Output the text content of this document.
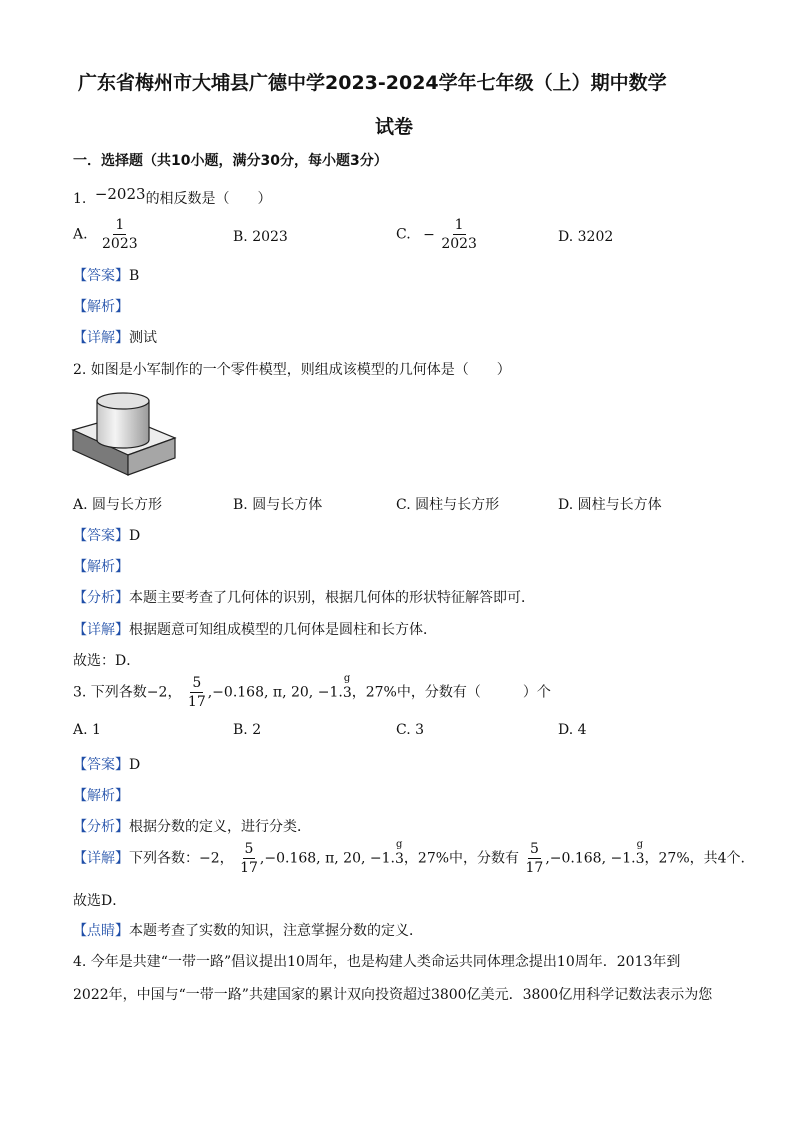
广东省梅州市大埔县广德中学2023-2024学年七年级（上）期中数学
试卷
一．选择题（共10小题，满分30分，每小题3分）
1. −2023的相反数是（　　）
A. $\frac{1}{2023}$	B. 2023	C. − $\frac{1}{2023}$	D. 3202
【答案】B
【解析】
【详解】测试
2. 如图是小军制作的一个零件模型，则组成该模型的几何体是（　　）
A. 圆与长方形	B. 圆与长方体	C. 圆柱与长方形	D. 圆柱与长方体
【答案】D
【解析】
【分析】本题主要考查了几何体的识别，根据几何体的形状特征解答即可．
【详解】根据题意可知组成模型的几何体是圆柱和长方体．
故选：D．
3. 下列各数−2， $\frac{5}{17} ,-0.168$, π, 20, −1.
g
3，27%中，分数有（　　　）个
A. 1	B. 2	C. 3	D. 4
【答案】D
【解析】
【分析】根据分数的定义，进行分类．
【详解】下列各数：−2， $\frac{5}{17} ,-0.168$, π, 20, −1.
g
3，27%中，分数有 $\frac{5}{17} ,-0.168$, −1.
g
3，27%，共4个.
故选D．
【点睛】本题考查了实数的知识，注意掌握分数的定义．
4. 今年是共建“一带一路”倡议提出10周年，也是构建人类命运共同体理念提出10周年．2013年到
2022年，中国与“一带一路”共建国家的累计双向投资超过3800亿美元．3800亿用科学记数法表示为您
